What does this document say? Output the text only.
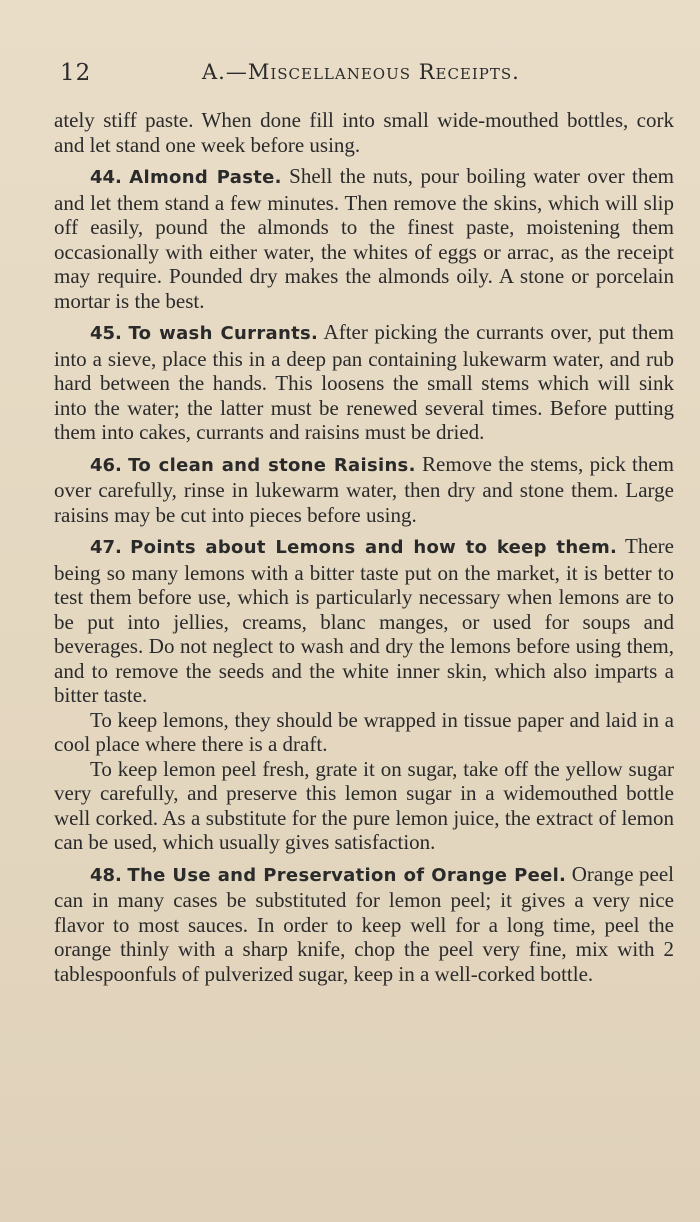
12	A.—Miscellaneous Receipts.

ately stiff paste. When done fill into small wide-mouthed bottles, cork and let stand one week before using.

44. Almond Paste. Shell the nuts, pour boiling water over them and let them stand a few minutes. Then remove the skins, which will slip off easily, pound the almonds to the finest paste, moistening them occasionally with either water, the whites of eggs or arrac, as the receipt may require. Pounded dry makes the almonds oily. A stone or porcelain mortar is the best.

45. To wash Currants. After picking the currants over, put them into a sieve, place this in a deep pan containing lukewarm water, and rub hard between the hands. This loosens the small stems which will sink into the water; the latter must be renewed several times. Before putting them into cakes, currants and raisins must be dried.

46. To clean and stone Raisins. Remove the stems, pick them over carefully, rinse in lukewarm water, then dry and stone them. Large raisins may be cut into pieces before using.

47. Points about Lemons and how to keep them. There being so many lemons with a bitter taste put on the market, it is better to test them before use, which is particularly necessary when lemons are to be put into jellies, creams, blanc manges, or used for soups and beverages. Do not neglect to wash and dry the lemons before using them, and to remove the seeds and the white inner skin, which also imparts a bitter taste.

To keep lemons, they should be wrapped in tissue paper and laid in a cool place where there is a draft.

To keep lemon peel fresh, grate it on sugar, take off the yellow sugar very carefully, and preserve this lemon sugar in a widemouthed bottle well corked. As a substitute for the pure lemon juice, the extract of lemon can be used, which usually gives satisfaction.

48. The Use and Preservation of Orange Peel. Orange peel can in many cases be substituted for lemon peel; it gives a very nice flavor to most sauces. In order to keep well for a long time, peel the orange thinly with a sharp knife, chop the peel very fine, mix with 2 tablespoonfuls of pulverized sugar, keep in a well-corked bottle.
